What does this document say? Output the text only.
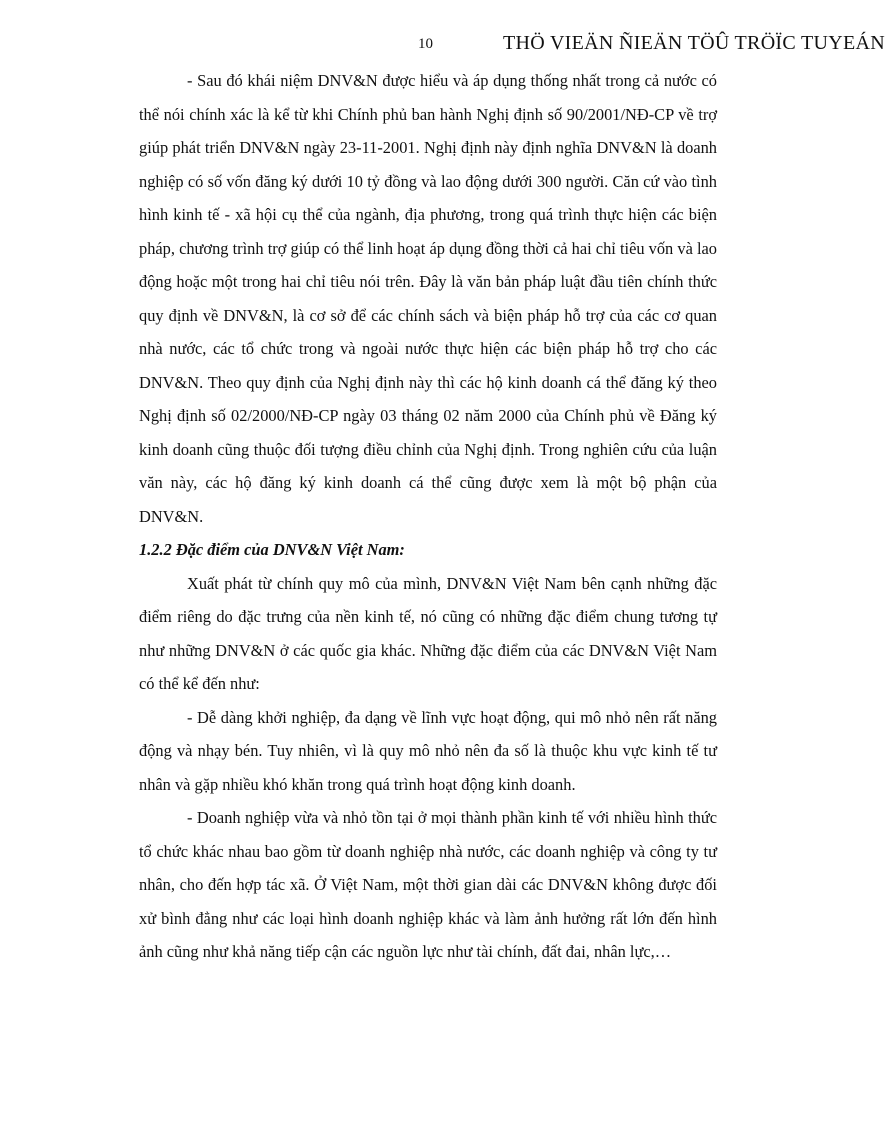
10	THÖ VIEÄN ÑIEÄN TÖÛ TRÖÏC TUYEÁN

- Sau đó khái niệm DNV&N được hiểu và áp dụng thống nhất trong cả nước có thể nói chính xác là kể từ khi Chính phủ ban hành Nghị định số 90/2001/NĐ-CP về trợ giúp phát triển DNV&N ngày 23-11-2001. Nghị định này định nghĩa DNV&N là doanh nghiệp có số vốn đăng ký dưới 10 tỷ đồng và lao động dưới 300 người. Căn cứ vào tình hình kinh tế - xã hội cụ thể của ngành, địa phương, trong quá trình thực hiện các biện pháp, chương trình trợ giúp có thể linh hoạt áp dụng đồng thời cả hai chỉ tiêu vốn và lao động hoặc một trong hai chỉ tiêu nói trên. Đây là văn bản pháp luật đầu tiên chính thức quy định về DNV&N, là cơ sở để các chính sách và biện pháp hỗ trợ của các cơ quan nhà nước, các tổ chức trong và ngoài nước thực hiện các biện pháp hỗ trợ cho các DNV&N. Theo quy định của Nghị định này thì các hộ kinh doanh cá thể đăng ký theo Nghị định số 02/2000/NĐ-CP ngày 03 tháng 02 năm 2000 của Chính phủ về Đăng ký kinh doanh cũng thuộc đối tượng điều chỉnh của Nghị định. Trong nghiên cứu của luận văn này, các hộ đăng ký kinh doanh cá thể cũng được xem là một bộ phận của DNV&N.

1.2.2 Đặc điểm của DNV&N Việt Nam:

Xuất phát từ chính quy mô của mình, DNV&N Việt Nam bên cạnh những đặc điểm riêng do đặc trưng của nền kinh tế, nó cũng có những đặc điểm chung tương tự như những DNV&N ở các quốc gia khác. Những đặc điểm của các DNV&N Việt Nam có thể kể đến như:

- Dễ dàng khởi nghiệp, đa dạng về lĩnh vực hoạt động, qui mô nhỏ nên rất năng động và nhạy bén. Tuy nhiên, vì là quy mô nhỏ nên đa số là thuộc khu vực kinh tế tư nhân và gặp nhiều khó khăn trong quá trình hoạt động kinh doanh.

- Doanh nghiệp vừa và nhỏ tồn tại ở mọi thành phần kinh tế với nhiều hình thức tổ chức khác nhau bao gồm từ doanh nghiệp nhà nước, các doanh nghiệp và công ty tư nhân, cho đến hợp tác xã. Ở Việt Nam, một thời gian dài các DNV&N không được đối xử bình đẳng như các loại hình doanh nghiệp khác và làm ảnh hưởng rất lớn đến hình ảnh cũng như khả năng tiếp cận các nguồn lực như tài chính, đất đai, nhân lực,…
